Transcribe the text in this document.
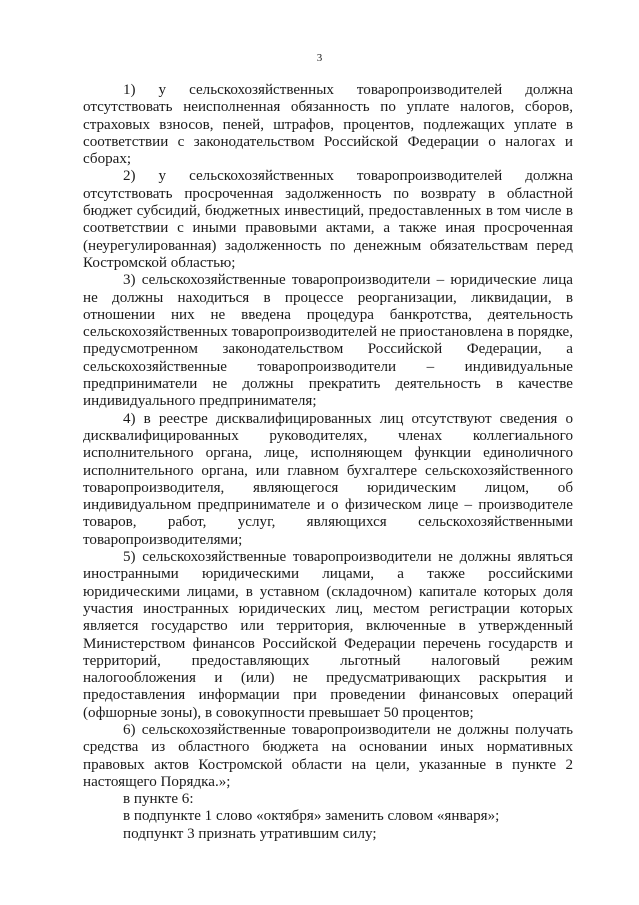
3

1) у сельскохозяйственных товаропроизводителей должна отсутствовать неисполненная обязанность по уплате налогов, сборов, страховых взносов, пеней, штрафов, процентов, подлежащих уплате в соответствии с законодательством Российской Федерации о налогах и сборах;

2) у сельскохозяйственных товаропроизводителей должна отсутствовать просроченная задолженность по возврату в областной бюджет субсидий, бюджетных инвестиций, предоставленных в том числе в соответствии с иными правовыми актами, а также иная просроченная (неурегулированная) задолженность по денежным обязательствам перед Костромской областью;

3) сельскохозяйственные товаропроизводители – юридические лица не должны находиться в процессе реорганизации, ликвидации, в отношении них не введена процедура банкротства, деятельность сельскохозяйственных товаропроизводителей не приостановлена в порядке, предусмотренном законодательством Российской Федерации, а сельскохозяйственные товаропроизводители – индивидуальные предприниматели не должны прекратить деятельность в качестве индивидуального предпринимателя;

4) в реестре дисквалифицированных лиц отсутствуют сведения о дисквалифицированных руководителях, членах коллегиального исполнительного органа, лице, исполняющем функции единоличного исполнительного органа, или главном бухгалтере сельскохозяйственного товаропроизводителя, являющегося юридическим лицом, об индивидуальном предпринимателе и о физическом лице – производителе товаров, работ, услуг, являющихся сельскохозяйственными товаропроизводителями;

5) сельскохозяйственные товаропроизводители не должны являться иностранными юридическими лицами, а также российскими юридическими лицами, в уставном (складочном) капитале которых доля участия иностранных юридических лиц, местом регистрации которых является государство или территория, включенные в утвержденный Министерством финансов Российской Федерации перечень государств и территорий, предоставляющих льготный налоговый режим налогообложения и (или) не предусматривающих раскрытия и предоставления информации при проведении финансовых операций (офшорные зоны), в совокупности превышает 50 процентов;

6) сельскохозяйственные товаропроизводители не должны получать средства из областного бюджета на основании иных нормативных правовых актов Костромской области на цели, указанные в пункте 2 настоящего Порядка.»;

в пункте 6:

в подпункте 1 слово «октября» заменить словом «января»;

подпункт 3 признать утратившим силу;
